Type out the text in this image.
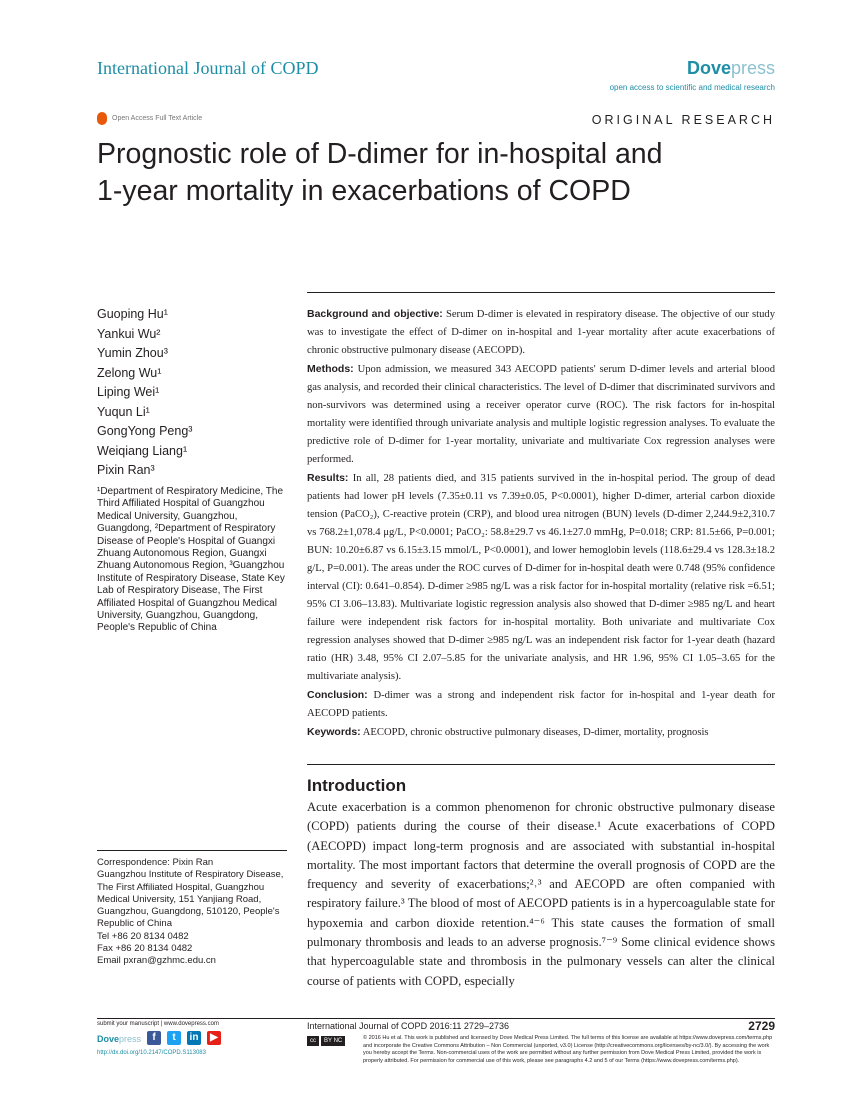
International Journal of COPD	Dovepress
open access to scientific and medical research
Open Access Full Text Article	ORIGINAL RESEARCH
Prognostic role of D-dimer for in-hospital and
1-year mortality in exacerbations of COPD
Guoping Hu¹
Yankui Wu²
Yumin Zhou³
Zelong Wu¹
Liping Wei¹
Yuqun Li¹
GongYong Peng³
Weiqiang Liang¹
Pixin Ran³
¹Department of Respiratory Medicine, The Third Affiliated Hospital of Guangzhou Medical University, Guangzhou, Guangdong, ²Department of Respiratory Disease of People's Hospital of Guangxi Zhuang Autonomous Region, Guangxi Zhuang Autonomous Region, ³Guangzhou Institute of Respiratory Disease, State Key Lab of Respiratory Disease, The First Affiliated Hospital of Guangzhou Medical University, Guangzhou, Guangdong, People's Republic of China

Background and objective: Serum D-dimer is elevated in respiratory disease. The objective of our study was to investigate the effect of D-dimer on in-hospital and 1-year mortality after acute exacerbations of chronic obstructive pulmonary disease (AECOPD).

Methods: Upon admission, we measured 343 AECOPD patients' serum D-dimer levels and arterial blood gas analysis, and recorded their clinical characteristics. The level of D-dimer that discriminated survivors and non-survivors was determined using a receiver operator curve (ROC). The risk factors for in-hospital mortality were identified through univariate analysis and multiple logistic regression analyses. To evaluate the predictive role of D-dimer for 1-year mortality, univariate and multivariate Cox regression analyses were performed.

Results: In all, 28 patients died, and 315 patients survived in the in-hospital period. The group of dead patients had lower pH levels (7.35±0.11 vs 7.39±0.05, P<0.0001), higher D-dimer, arterial carbon dioxide tension (PaCO₂), C-reactive protein (CRP), and blood urea nitrogen (BUN) levels (D-dimer 2,244.9±2,310.7 vs 768.2±1,078.4 μg/L, P<0.0001; PaCO₂: 58.8±29.7 vs 46.1±27.0 mmHg, P=0.018; CRP: 81.5±66, P=0.001; BUN: 10.20±6.87 vs 6.15±3.15 mmol/L, P<0.0001), and lower hemoglobin levels (118.6±29.4 vs 128.3±18.2 g/L, P=0.001). The areas under the ROC curves of D-dimer for in-hospital death were 0.748 (95% confidence interval (CI): 0.641–0.854). D-dimer ≥985 ng/L was a risk factor for in-hospital mortality (relative risk =6.51; 95% CI 3.06–13.83). Multivariate logistic regression analysis also showed that D-dimer ≥985 ng/L and heart failure were independent risk factors for in-hospital mortality. Both univariate and multivariate Cox regression analyses showed that D-dimer ≥985 ng/L was an independent risk factor for 1-year death (hazard ratio (HR) 3.48, 95% CI 2.07–5.85 for the univariate analysis, and HR 1.96, 95% CI 1.05–3.65 for the multivariate analysis).

Conclusion: D-dimer was a strong and independent risk factor for in-hospital and 1-year death for AECOPD patients.

Keywords: AECOPD, chronic obstructive pulmonary diseases, D-dimer, mortality, prognosis

Introduction
Acute exacerbation is a common phenomenon for chronic obstructive pulmonary disease (COPD) patients during the course of their disease.¹ Acute exacerbations of COPD (AECOPD) impact long-term prognosis and are associated with substantial in-hospital mortality. The most important factors that determine the overall prognosis of COPD are the frequency and severity of exacerbations;²˒³ and AECOPD are often companied with respiratory failure.³ The blood of most of AECOPD patients is in a hypercoagulable state for hypoxemia and carbon dioxide retention.⁴⁻⁶ This state causes the formation of small pulmonary thrombosis and leads to an adverse prognosis.⁷⁻⁹ Some clinical evidence shows that hypercoagulable state and thrombosis in the pulmonary vessels can alter the clinical course of patients with COPD, especially
Correspondence: Pixin Ran
Guangzhou Institute of Respiratory Disease, The First Affiliated Hospital, Guangzhou Medical University, 151 Yanjiang Road, Guangzhou, Guangdong, 510120, People's Republic of China
Tel +86 20 8134 0482
Fax +86 20 8134 0482
Email pxran@gzhmc.edu.cn
submit your manuscript | www.dovepress.com
Dovepress	f	t	in	▶
http://dx.doi.org/10.2147/COPD.S113083
International Journal of COPD 2016:11 2729–2736	2729
cc	BY NC	© 2016 Hu et al. This work is published and licensed by Dove Medical Press Limited. The full terms of this license are available at https://www.dovepress.com/terms.php and incorporate the Creative Commons Attribution – Non Commercial (unported, v3.0) License (http://creativecommons.org/licenses/by-nc/3.0/). By accessing the work you hereby accept the Terms. Non-commercial uses of the work are permitted without any further permission from Dove Medical Press Limited, provided the work is properly attributed. For permission for commercial use of this work, please see paragraphs 4.2 and 5 of our Terms (https://www.dovepress.com/terms.php).
